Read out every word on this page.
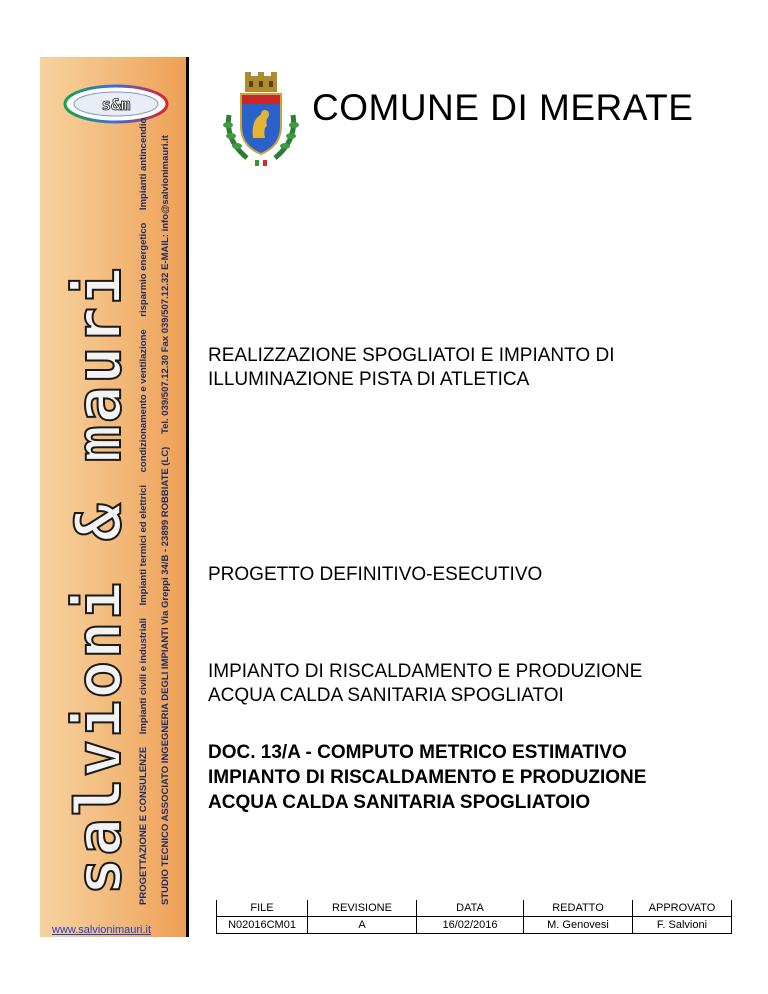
s&m
salvioni & mauri PROGETTAZIONE E CONSULENZE Impianti civili e industriali Impianti termici ed elettrici condizionamento e ventilazione risparmio energetico Impianti antincendio
STUDIO TECNICO ASSOCIATO INGEGNERIA DEGLI IMPIANTI Via Greppi 34/B - 23899 ROBBIATE (LC) Tel. 039/507.12.30 Fax 039/507.12.32 E-MAIL: info@salvionimauri.it
www.salvionimauri.it
COMUNE DI MERATE
REALIZZAZIONE SPOGLIATOI E IMPIANTO DI
ILLUMINAZIONE PISTA DI ATLETICA
PROGETTO DEFINITIVO-ESECUTIVO
IMPIANTO DI RISCALDAMENTO E PRODUZIONE
ACQUA CALDA SANITARIA SPOGLIATOI
DOC. 13/A - COMPUTO METRICO ESTIMATIVO
IMPIANTO DI RISCALDAMENTO E PRODUZIONE
ACQUA CALDA SANITARIA SPOGLIATOIO
FILE	REVISIONE	DATA	REDATTO	APPROVATO
N02016CM01	A	16/02/2016	M. Genovesi	F. Salvioni
